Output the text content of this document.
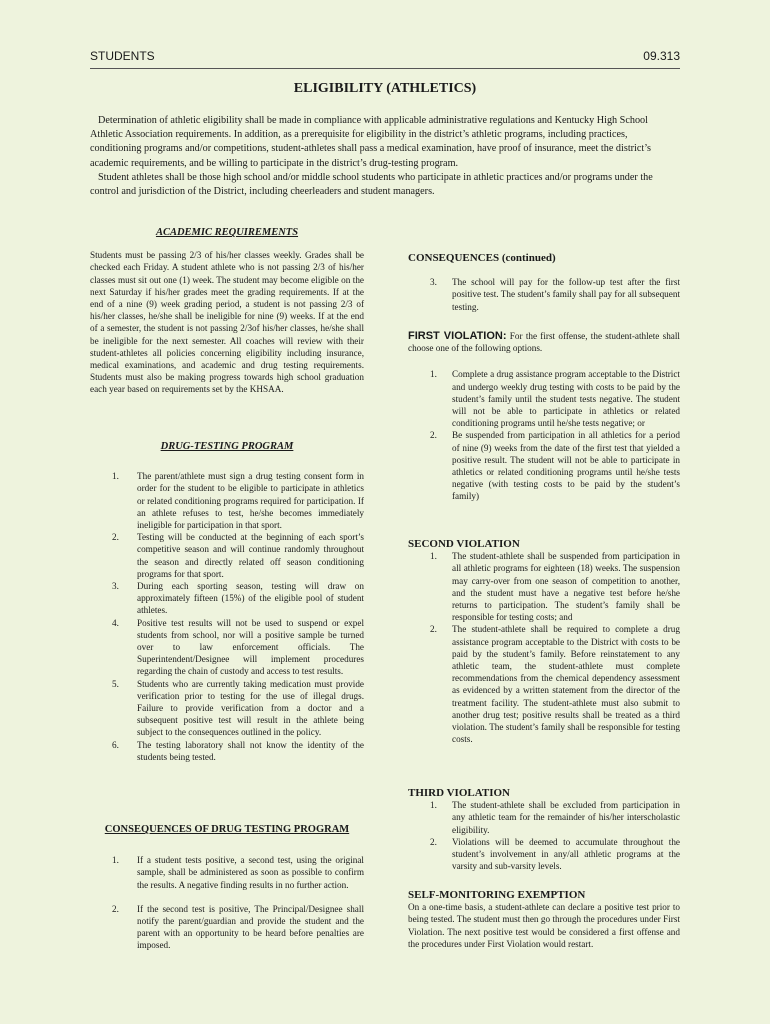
STUDENTS	09.313
ELIGIBILITY (ATHLETICS)

Determination of athletic eligibility shall be made in compliance with applicable administrative regulations and Kentucky High School Athletic Association requirements. In addition, as a prerequisite for eligibility in the district’s athletic programs, including practices, conditioning programs and/or competitions, student-athletes shall pass a medical examination, have proof of insurance, meet the district’s academic requirements, and be willing to participate in the district’s drug-testing program.

Student athletes shall be those high school and/or middle school students who participate in athletic practices and/or programs under the control and jurisdiction of the District, including cheerleaders and student managers.

ACADEMIC REQUIREMENTS

Students must be passing 2/3 of his/her classes weekly. Grades shall be checked each Friday. A student athlete who is not passing 2/3 of his/her classes must sit out one (1) week. The student may become eligible on the next Saturday if his/her grades meet the grading requirements. If at the end of a nine (9) week grading period, a student is not passing 2/3 of his/her classes, he/she shall be ineligible for nine (9) weeks. If at the end of a semester, the student is not passing 2/3of his/her classes, he/she shall be ineligible for the next semester. All coaches will review with their student-athletes all policies concerning eligibility including insurance, medical examinations, and academic and drug testing requirements. Students must also be making progress towards high school graduation each year based on requirements set by the KHSAA.

DRUG-TESTING PROGRAM

1.	The parent/athlete must sign a drug testing consent form in order for the student to be eligible to participate in athletics or related conditioning programs required for participation. If an athlete refuses to test, he/she becomes immediately ineligible for participation in that sport.
2.	Testing will be conducted at the beginning of each sport’s competitive season and will continue randomly throughout the season and directly related off season conditioning programs for that sport.
3.	During each sporting season, testing will draw on approximately fifteen (15%) of the eligible pool of student athletes.
4.	Positive test results will not be used to suspend or expel students from school, nor will a positive sample be turned over to law enforcement officials. The Superintendent/Designee will implement procedures regarding the chain of custody and access to test results.
5.	Students who are currently taking medication must provide verification prior to testing for the use of illegal drugs. Failure to provide verification from a doctor and a subsequent positive test will result in the athlete being subject to the consequences outlined in the policy.
6.	The testing laboratory shall not know the identity of the students being tested.

CONSEQUENCES OF DRUG TESTING PROGRAM

1.	If a student tests positive, a second test, using the original sample, shall be administered as soon as possible to confirm the results. A negative finding results in no further action.
2.	If the second test is positive, The Principal/Designee shall notify the parent/guardian and provide the student and the parent with an opportunity to be heard before penalties are imposed.

CONSEQUENCES (continued)

3.	The school will pay for the follow-up test after the first positive test. The student’s family shall pay for all subsequent testing.

FIRST VIOLATION: For the first offense, the student-athlete shall choose one of the following options.

1.	Complete a drug assistance program acceptable to the District and undergo weekly drug testing with costs to be paid by the student’s family until the student tests negative. The student will not be able to participate in athletics or related conditioning programs until he/she tests negative; or
2.	Be suspended from participation in all athletics for a period of nine (9) weeks from the date of the first test that yielded a positive result. The student will not be able to participate in athletics or related conditioning programs until he/she tests negative (with testing costs to be paid by the student’s family)

SECOND VIOLATION

1.	The student-athlete shall be suspended from participation in all athletic programs for eighteen (18) weeks. The suspension may carry-over from one season of competition to another, and the student must have a negative test before he/she returns to participation. The student’s family shall be responsible for testing costs; and
2.	The student-athlete shall be required to complete a drug assistance program acceptable to the District with costs to be paid by the student’s family. Before reinstatement to any athletic team, the student-athlete must complete recommendations from the chemical dependency assessment as evidenced by a written statement from the director of the treatment facility. The student-athlete must also submit to another drug test; positive results shall be treated as a third violation. The student’s family shall be responsible for testing costs.

THIRD VIOLATION

1.	The student-athlete shall be excluded from participation in any athletic team for the remainder of his/her interscholastic eligibility.
2.	Violations will be deemed to accumulate throughout the student’s involvement in any/all athletic programs at the varsity and sub-varsity levels.

SELF-MONITORING EXEMPTION

On a one-time basis, a student-athlete can declare a positive test prior to being tested. The student must then go through the procedures under First Violation. The next positive test would be considered a first offense and the procedures under First Violation would restart.
